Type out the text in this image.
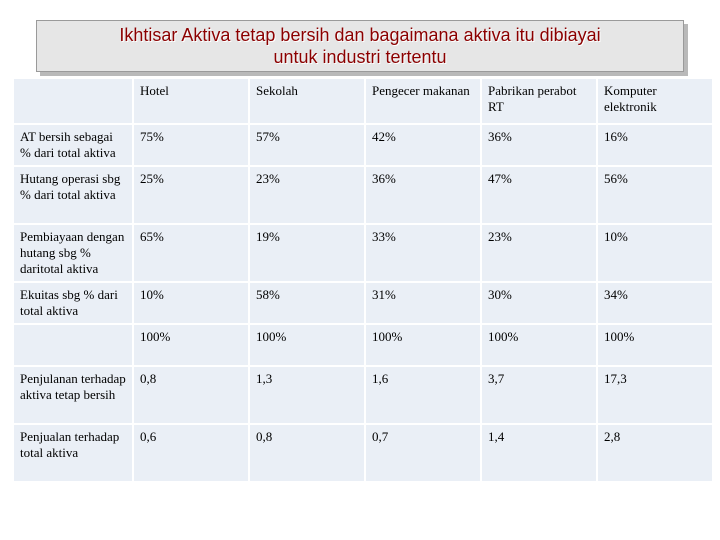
Ikhtisar Aktiva tetap bersih dan bagaimana aktiva itu dibiayai
untuk industri tertentu
	Hotel	Sekolah	Pengecer makanan	Pabrikan perabot RT	Komputer elektronik
AT bersih sebagai % dari total aktiva	75%	57%	42%	36%	16%
Hutang operasi sbg % dari total aktiva	25%	23%	36%	47%	56%
Pembiayaan dengan hutang sbg % daritotal aktiva	65%	19%	33%	23%	10%
Ekuitas sbg % dari total aktiva	10%	58%	31%	30%	34%
	100%	100%	100%	100%	100%
Penjulanan terhadap aktiva tetap bersih	0,8	1,3	1,6	3,7	17,3
Penjualan terhadap total aktiva	0,6	0,8	0,7	1,4	2,8
